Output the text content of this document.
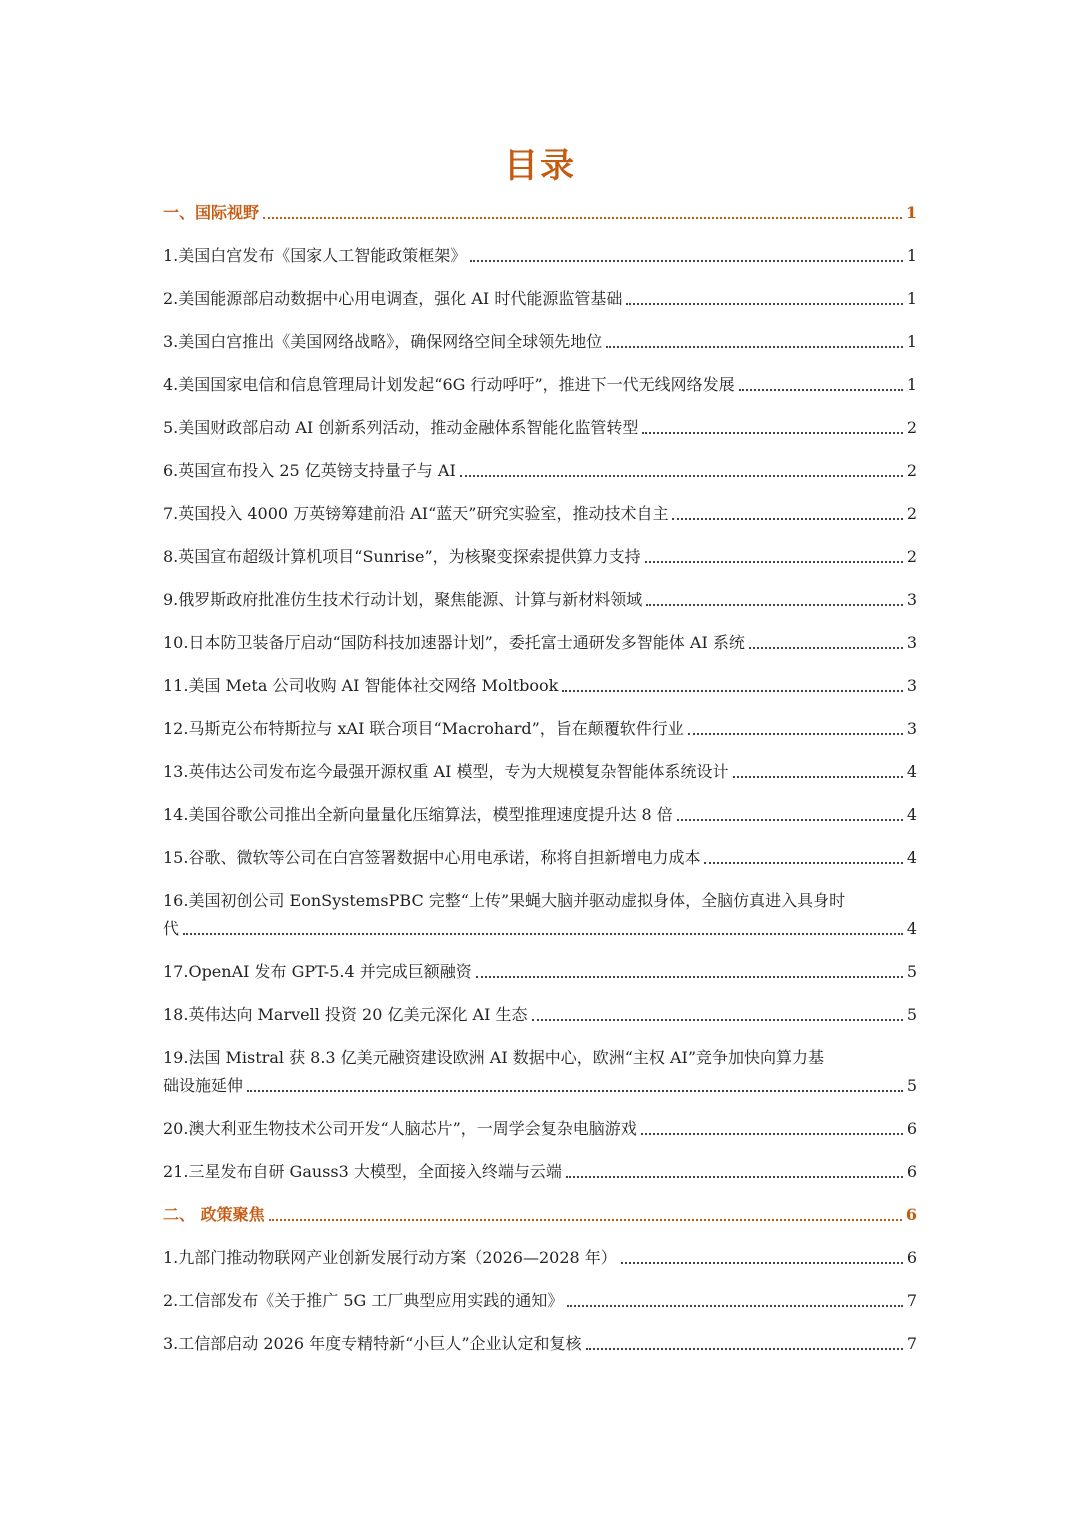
目录
一、国际视野	1
1.美国白宫发布《国家人工智能政策框架》	1
2.美国能源部启动数据中心用电调查，强化 AI 时代能源监管基础	1
3.美国白宫推出《美国网络战略》，确保网络空间全球领先地位	1
4.美国国家电信和信息管理局计划发起“6G 行动呼吁”，推进下一代无线网络发展	1
5.美国财政部启动 AI 创新系列活动，推动金融体系智能化监管转型	2
6.英国宣布投入 25 亿英镑支持量子与 AI	2
7.英国投入 4000 万英镑筹建前沿 AI“蓝天”研究实验室，推动技术自主	2
8.英国宣布超级计算机项目“Sunrise”，为核聚变探索提供算力支持	2
9.俄罗斯政府批准仿生技术行动计划，聚焦能源、计算与新材料领域	3
10.日本防卫装备厅启动“国防科技加速器计划”，委托富士通研发多智能体 AI 系统	3
11.美国 Meta 公司收购 AI 智能体社交网络 Moltbook	3
12.马斯克公布特斯拉与 xAI 联合项目“Macrohard”，旨在颠覆软件行业	3
13.英伟达公司发布迄今最强开源权重 AI 模型，专为大规模复杂智能体系统设计	4
14.美国谷歌公司推出全新向量量化压缩算法，模型推理速度提升达 8 倍	4
15.谷歌、微软等公司在白宫签署数据中心用电承诺，称将自担新增电力成本	4
16.美国初创公司 EonSystemsPBC 完整“上传”果蝇大脑并驱动虚拟身体，全脑仿真进入具身时
代	4
17.OpenAI 发布 GPT-5.4 并完成巨额融资	5
18.英伟达向 Marvell 投资 20 亿美元深化 AI 生态	5
19.法国 Mistral 获 8.3 亿美元融资建设欧洲 AI 数据中心，欧洲“主权 AI”竞争加快向算力基
础设施延伸	5
20.澳大利亚生物技术公司开发“人脑芯片”，一周学会复杂电脑游戏	6
21.三星发布自研 Gauss3 大模型，全面接入终端与云端	6
二、 政策聚焦	6
1.九部门推动物联网产业创新发展行动方案（2026—2028 年）	6
2.工信部发布《关于推广 5G 工厂典型应用实践的通知》	7
3.工信部启动 2026 年度专精特新“小巨人”企业认定和复核	7
